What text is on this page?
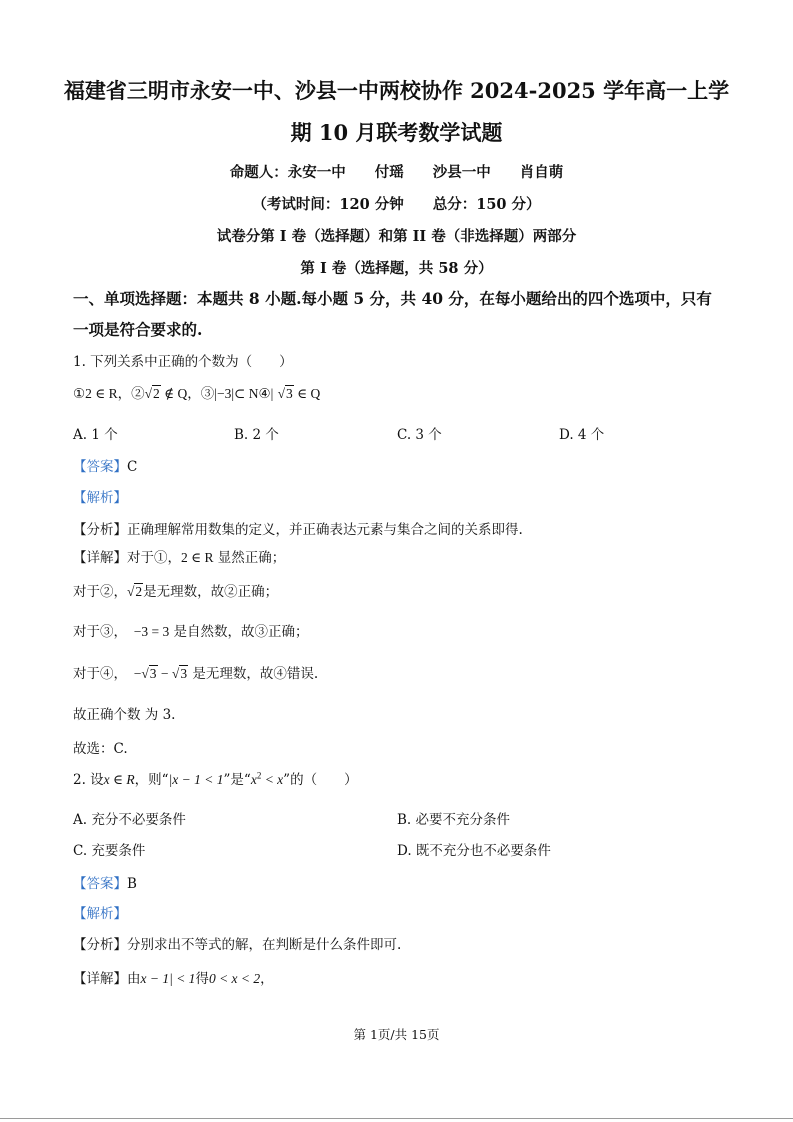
福建省三明市永安一中、沙县一中两校协作 2024-2025 学年高一上学
期 10 月联考数学试题
命题人：永安一中　　付瑶　　沙县一中　　肖自萌
（考试时间：120 分钟　　总分：150 分）
试卷分第 I 卷（选择题）和第 II 卷（非选择题）两部分
第 I 卷（选择题，共 58 分）
一、单项选择题：本题共 8 小题.每小题 5 分，共 40 分，在每小题给出的四个选项中，只有
一项是符合要求的.
1. 下列关系中正确的个数为（　　）
①2 ∈ R，②√2 ∉ Q，③|−3|⊂ N④| √3 ∈ Q
A. 1 个	B. 2 个	C. 3 个	D. 4 个
【答案】C
【解析】
【分析】正确理解常用数集的定义，并正确表达元素与集合之间的关系即得.
【详解】对于①，2 ∈ R 显然正确；
对于②，√2是无理数，故②正确；
对于③，　 −3 = 3 是自然数，故③正确；
对于④，　 −√3 − √3 是无理数，故④错误.
故正确个数 为 3.
故选：C.
2. 设x ∈ R，则“|x − 1 < 1”是“$x^2 < x$”的（　　）
A. 充分不必要条件	B. 必要不充分条件
C. 充要条件	D. 既不充分也不必要条件
【答案】B
【解析】
【分析】分别求出不等式的解，在判断是什么条件即可.
【详解】由x − 1| < 1得0 < x < 2，
第 1页/共 15页
